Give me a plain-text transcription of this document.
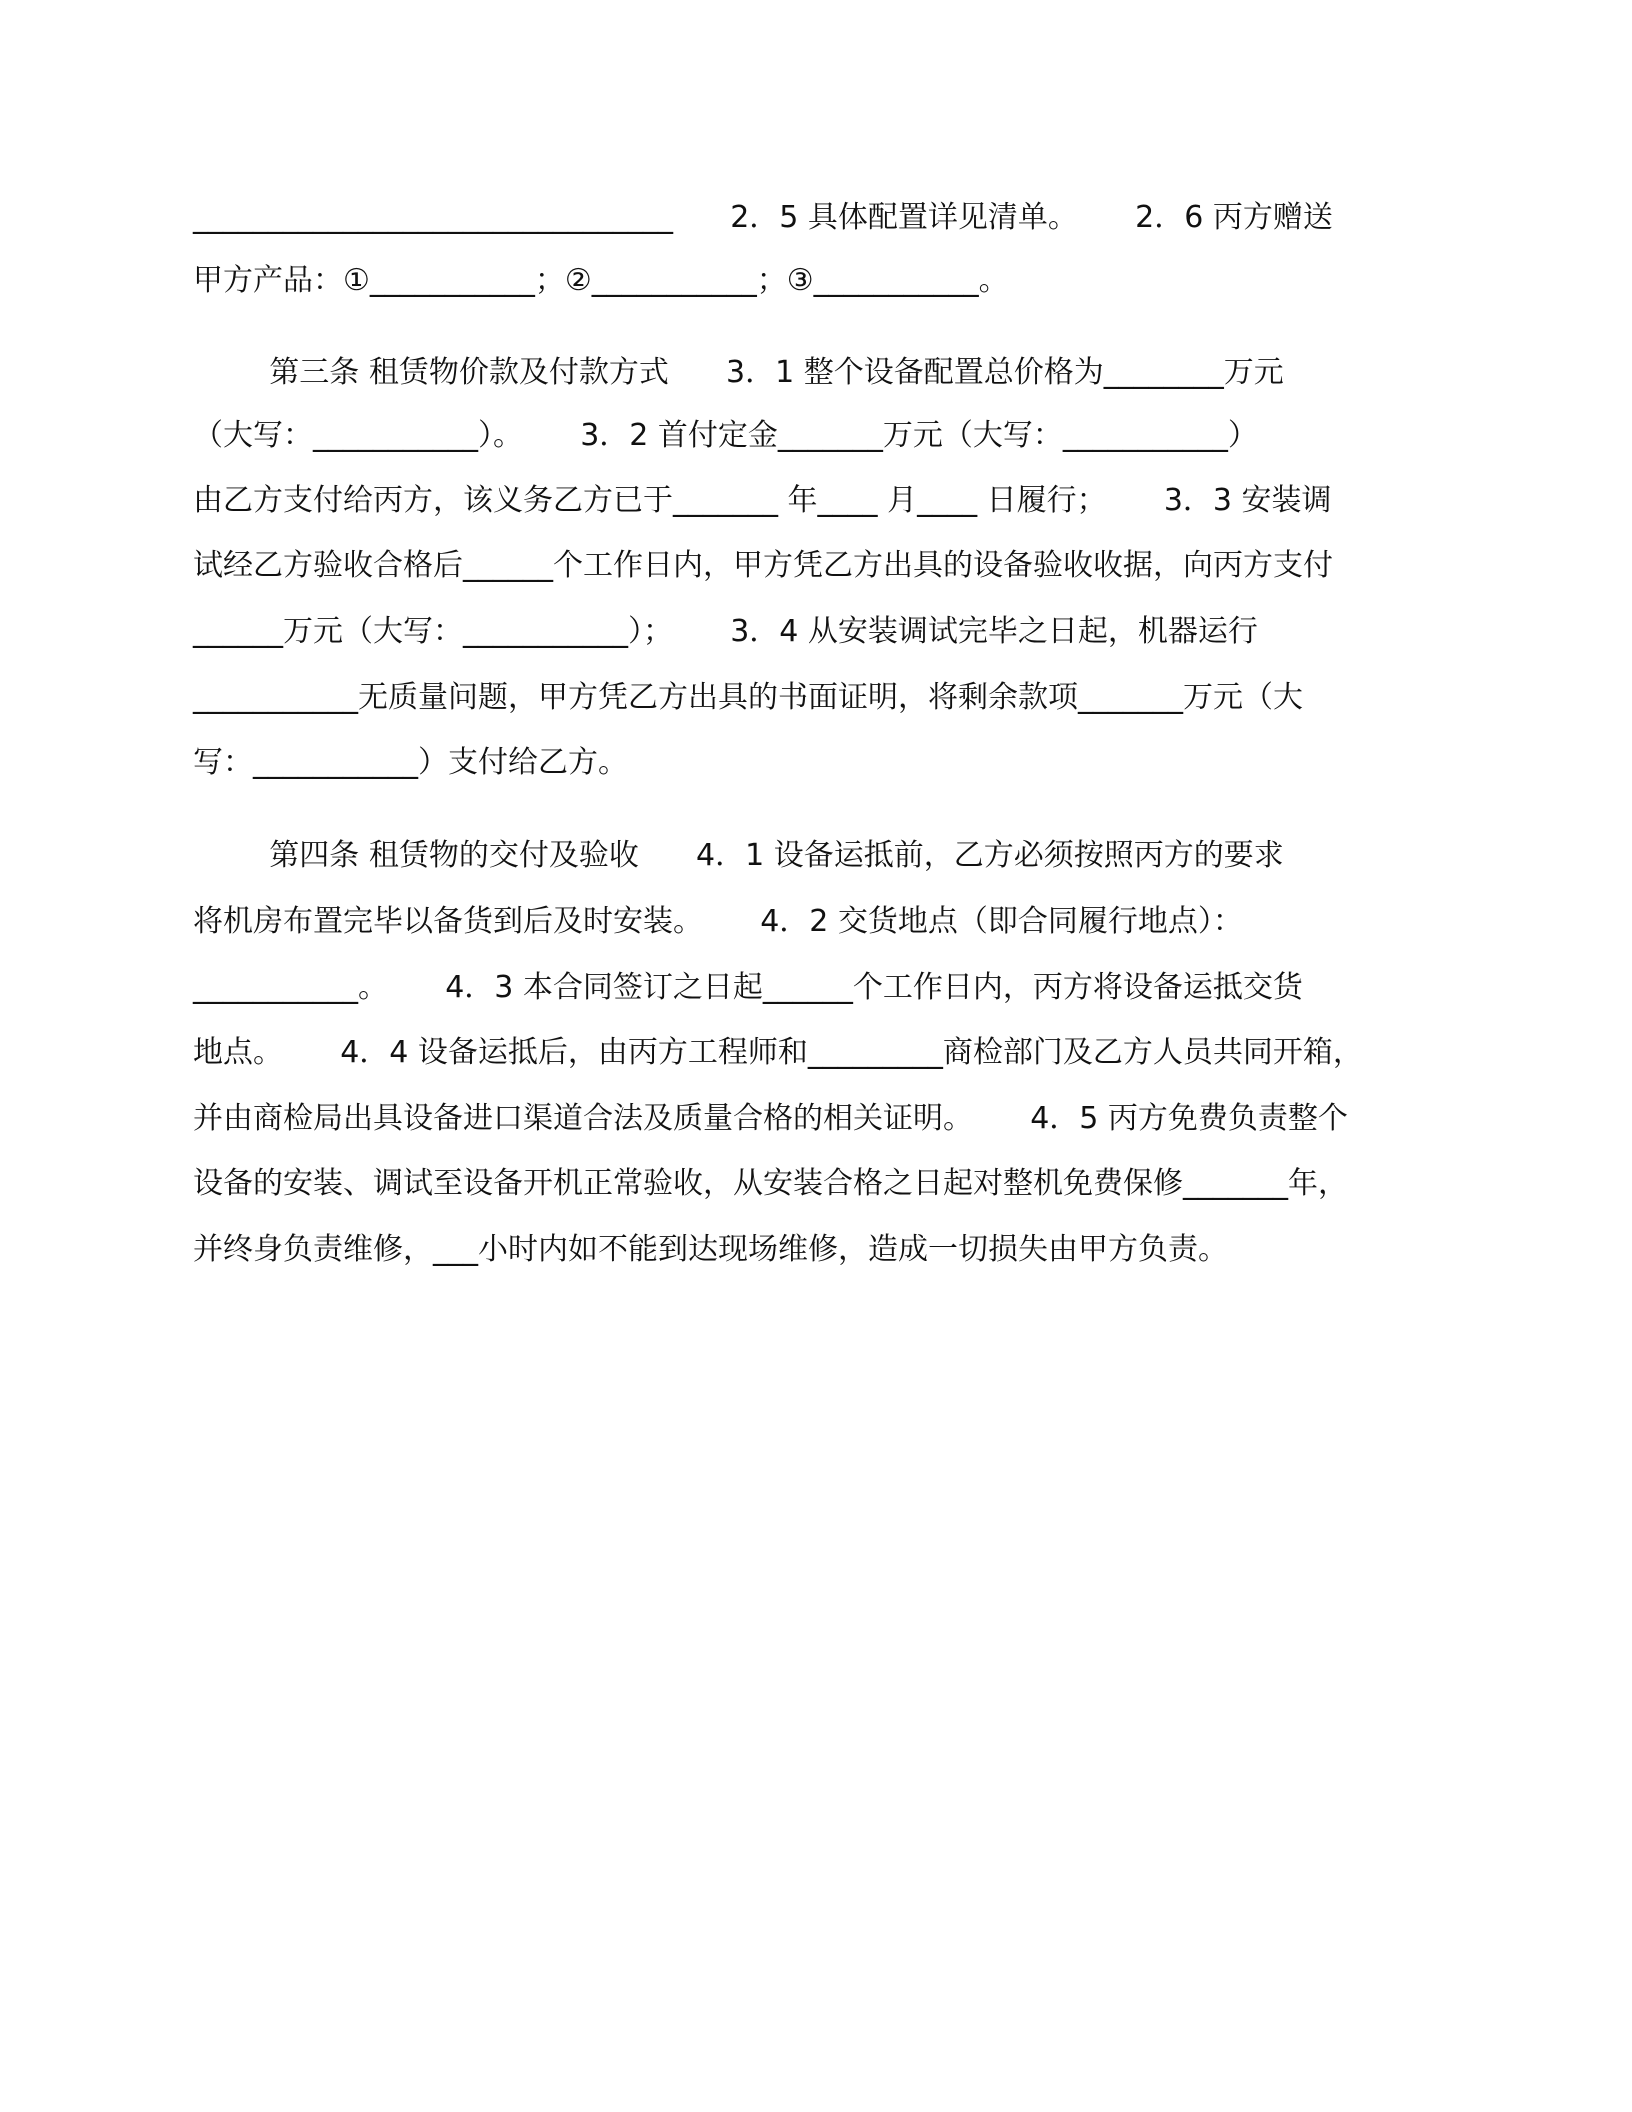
________________________________      2．5 具体配置详见清单。      2．6 丙方赠送
甲方产品：①___________；②___________；③___________。
第三条 租赁物价款及付款方式      3．1 整个设备配置总价格为________万元
（大写：___________）。      3．2 首付定金_______万元（大写：___________）
由乙方支付给丙方，该义务乙方已于_______ 年____ 月____ 日履行；      3．3 安装调
试经乙方验收合格后______个工作日内，甲方凭乙方出具的设备验收收据，向丙方支付
______万元（大写：___________）；      3．4 从安装调试完毕之日起，机器运行
___________无质量问题，甲方凭乙方出具的书面证明，将剩余款项_______万元（大
写：___________）支付给乙方。
第四条 租赁物的交付及验收      4．1 设备运抵前，乙方必须按照丙方的要求
将机房布置完毕以备货到后及时安装。      4．2 交货地点（即合同履行地点）：
___________。      4．3 本合同签订之日起______个工作日内，丙方将设备运抵交货
地点。      4．4 设备运抵后，由丙方工程师和_________商检部门及乙方人员共同开箱，
并由商检局出具设备进口渠道合法及质量合格的相关证明。      4．5 丙方免费负责整个
设备的安装、调试至设备开机正常验收，从安装合格之日起对整机免费保修_______年，
并终身负责维修，___小时内如不能到达现场维修，造成一切损失由甲方负责。
